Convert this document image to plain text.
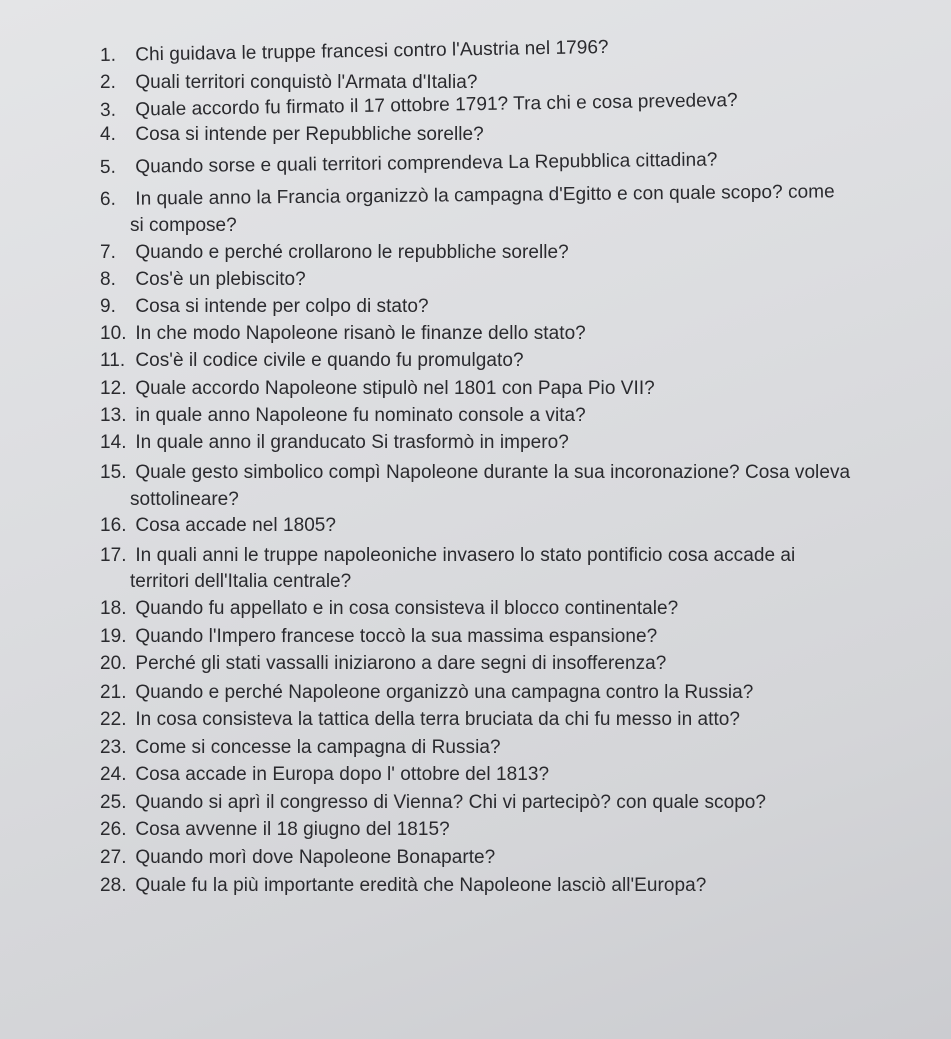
1. Chi guidava le truppe francesi contro l'Austria nel 1796?
2. Quali territori conquistò l'Armata d'Italia?
3. Quale accordo fu firmato il 17 ottobre 1791? Tra chi e cosa prevedeva?
4. Cosa si intende per Repubbliche sorelle?
5. Quando sorse e quali territori comprendeva La Repubblica cittadina?
6. In quale anno la Francia organizzò la campagna d'Egitto e con quale scopo? come
si compose?
7. Quando e perché crollarono le repubbliche sorelle?
8. Cos'è un plebiscito?
9. Cosa si intende per colpo di stato?
10. In che modo Napoleone risanò le finanze dello stato?
11. Cos'è il codice civile e quando fu promulgato?
12. Quale accordo Napoleone stipulò nel 1801 con Papa Pio VII?
13. in quale anno Napoleone fu nominato console a vita?
14. In quale anno il granducato Si trasformò in impero?
15. Quale gesto simbolico compì Napoleone durante la sua incoronazione? Cosa voleva
sottolineare?
16. Cosa accade nel 1805?
17. In quali anni le truppe napoleoniche invasero lo stato pontificio cosa accade ai
territori dell'Italia centrale?
18. Quando fu appellato e in cosa consisteva il blocco continentale?
19. Quando l'Impero francese toccò la sua massima espansione?
20. Perché gli stati vassalli iniziarono a dare segni di insofferenza?
21. Quando e perché Napoleone organizzò una campagna contro la Russia?
22. In cosa consisteva la tattica della terra bruciata da chi fu messo in atto?
23. Come si concesse la campagna di Russia?
24. Cosa accade in Europa dopo l' ottobre del 1813?
25. Quando si aprì il congresso di Vienna? Chi vi partecipò? con quale scopo?
26. Cosa avvenne il 18 giugno del 1815?
27. Quando morì dove Napoleone Bonaparte?
28. Quale fu la più importante eredità che Napoleone lasciò all'Europa?
